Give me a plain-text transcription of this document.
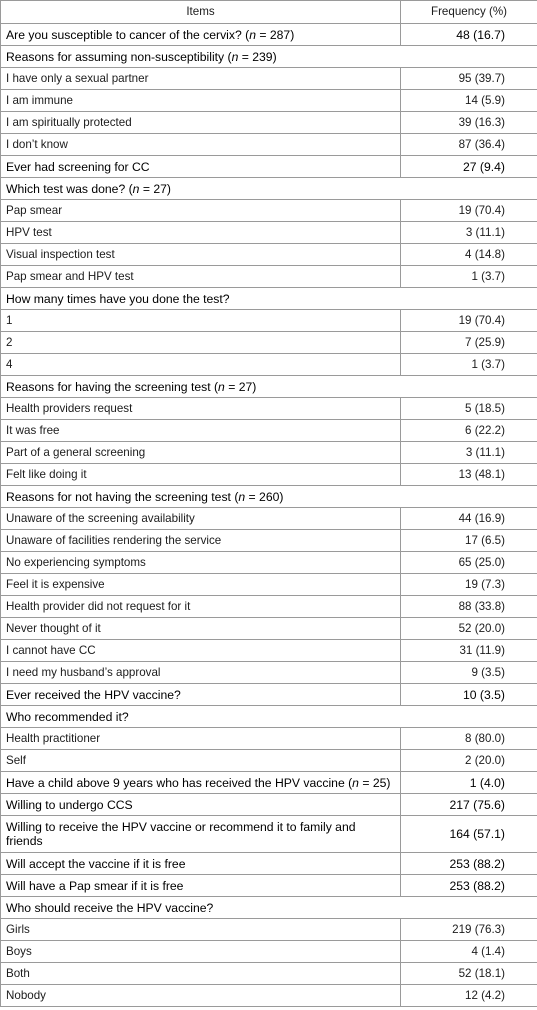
Items	Frequency (%)
Are you susceptible to cancer of the cervix? (n = 287)	48 (16.7)
Reasons for assuming non-susceptibility (n = 239)	
I have only a sexual partner	95 (39.7)
I am immune	14 (5.9)
I am spiritually protected	39 (16.3)
I don’t know	87 (36.4)
Ever had screening for CC	27 (9.4)
Which test was done? (n = 27)	
Pap smear	19 (70.4)
HPV test	3 (11.1)
Visual inspection test	4 (14.8)
Pap smear and HPV test	1 (3.7)
How many times have you done the test?	
1	19 (70.4)
2	7 (25.9)
4	1 (3.7)
Reasons for having the screening test (n = 27)	
Health providers request	5 (18.5)
It was free	6 (22.2)
Part of a general screening	3 (11.1)
Felt like doing it	13 (48.1)
Reasons for not having the screening test (n = 260)	
Unaware of the screening availability	44 (16.9)
Unaware of facilities rendering the service	17 (6.5)
No experiencing symptoms	65 (25.0)
Feel it is expensive	19 (7.3)
Health provider did not request for it	88 (33.8)
Never thought of it	52 (20.0)
I cannot have CC	31 (11.9)
I need my husband’s approval	9 (3.5)
Ever received the HPV vaccine?	10 (3.5)
Who recommended it?	
Health practitioner	8 (80.0)
Self	2 (20.0)
Have a child above 9 years who has received the HPV vaccine (n = 25)	1 (4.0)
Willing to undergo CCS	217 (75.6)
Willing to receive the HPV vaccine or recommend it to family and friends	164 (57.1)
Will accept the vaccine if it is free	253 (88.2)
Will have a Pap smear if it is free	253 (88.2)
Who should receive the HPV vaccine?	
Girls	219 (76.3)
Boys	4 (1.4)
Both	52 (18.1)
Nobody	12 (4.2)
